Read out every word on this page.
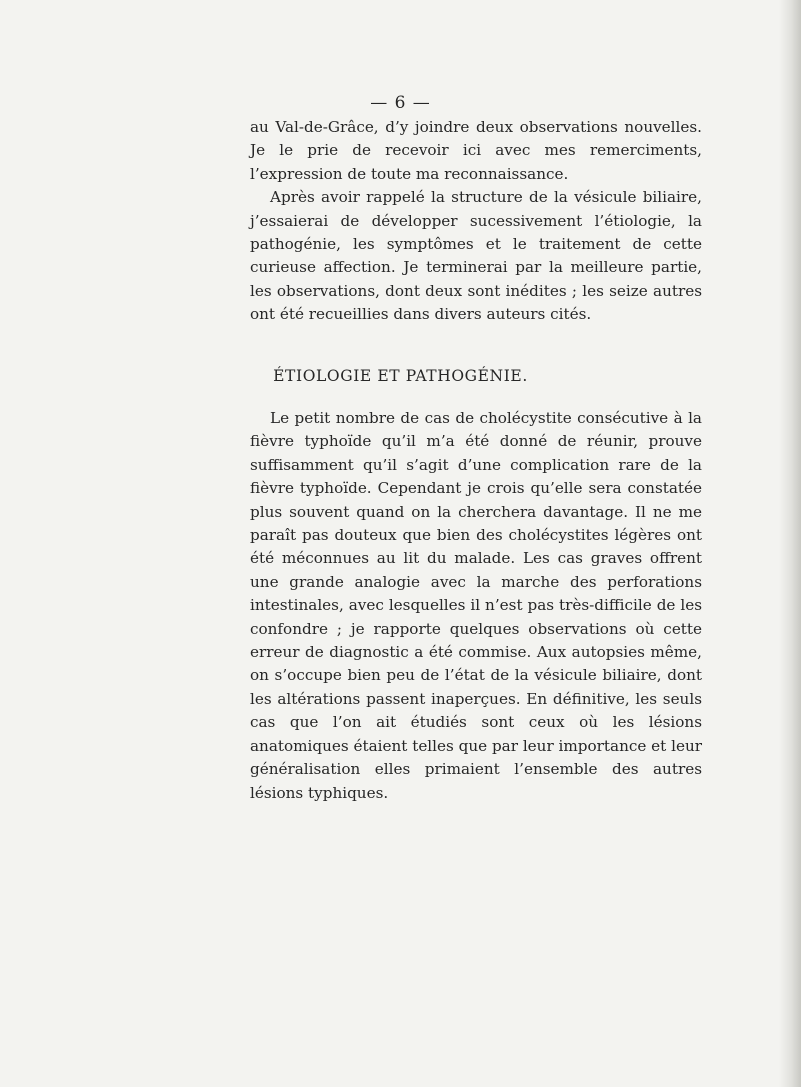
— 6 —

au Val-de-Grâce, d’y joindre deux observations nouvelles. Je le prie de recevoir ici avec mes remerciments, l’expression de toute ma reconnaissance.

Après avoir rappelé la structure de la vésicule biliaire, j’essaierai de développer sucessivement l’étiologie, la pathogénie, les symptômes et le traitement de cette curieuse affection. Je terminerai par la meilleure partie, les observations, dont deux sont inédites ; les seize autres ont été recueillies dans divers auteurs cités.

ÉTIOLOGIE ET PATHOGÉNIE.

Le petit nombre de cas de cholécystite consécutive à la fièvre typhoïde qu’il m’a été donné de réunir, prouve suffisamment qu’il s’agit d’une complication rare de la fièvre typhoïde. Cependant je crois qu’elle sera constatée plus souvent quand on la cherchera davantage. Il ne me paraît pas douteux que bien des cholécystites légères ont été méconnues au lit du malade. Les cas graves offrent une grande analogie avec la marche des perforations intestinales, avec lesquelles il n’est pas très-difficile de les confondre ; je rapporte quelques observations où cette erreur de diagnostic a été commise. Aux autopsies même, on s’occupe bien peu de l’état de la vésicule biliaire, dont les altérations passent inaperçues. En définitive, les seuls cas que l’on ait étudiés sont ceux où les lésions anatomiques étaient telles que par leur importance et leur généralisation elles primaient l’ensemble des autres lésions typhiques.
